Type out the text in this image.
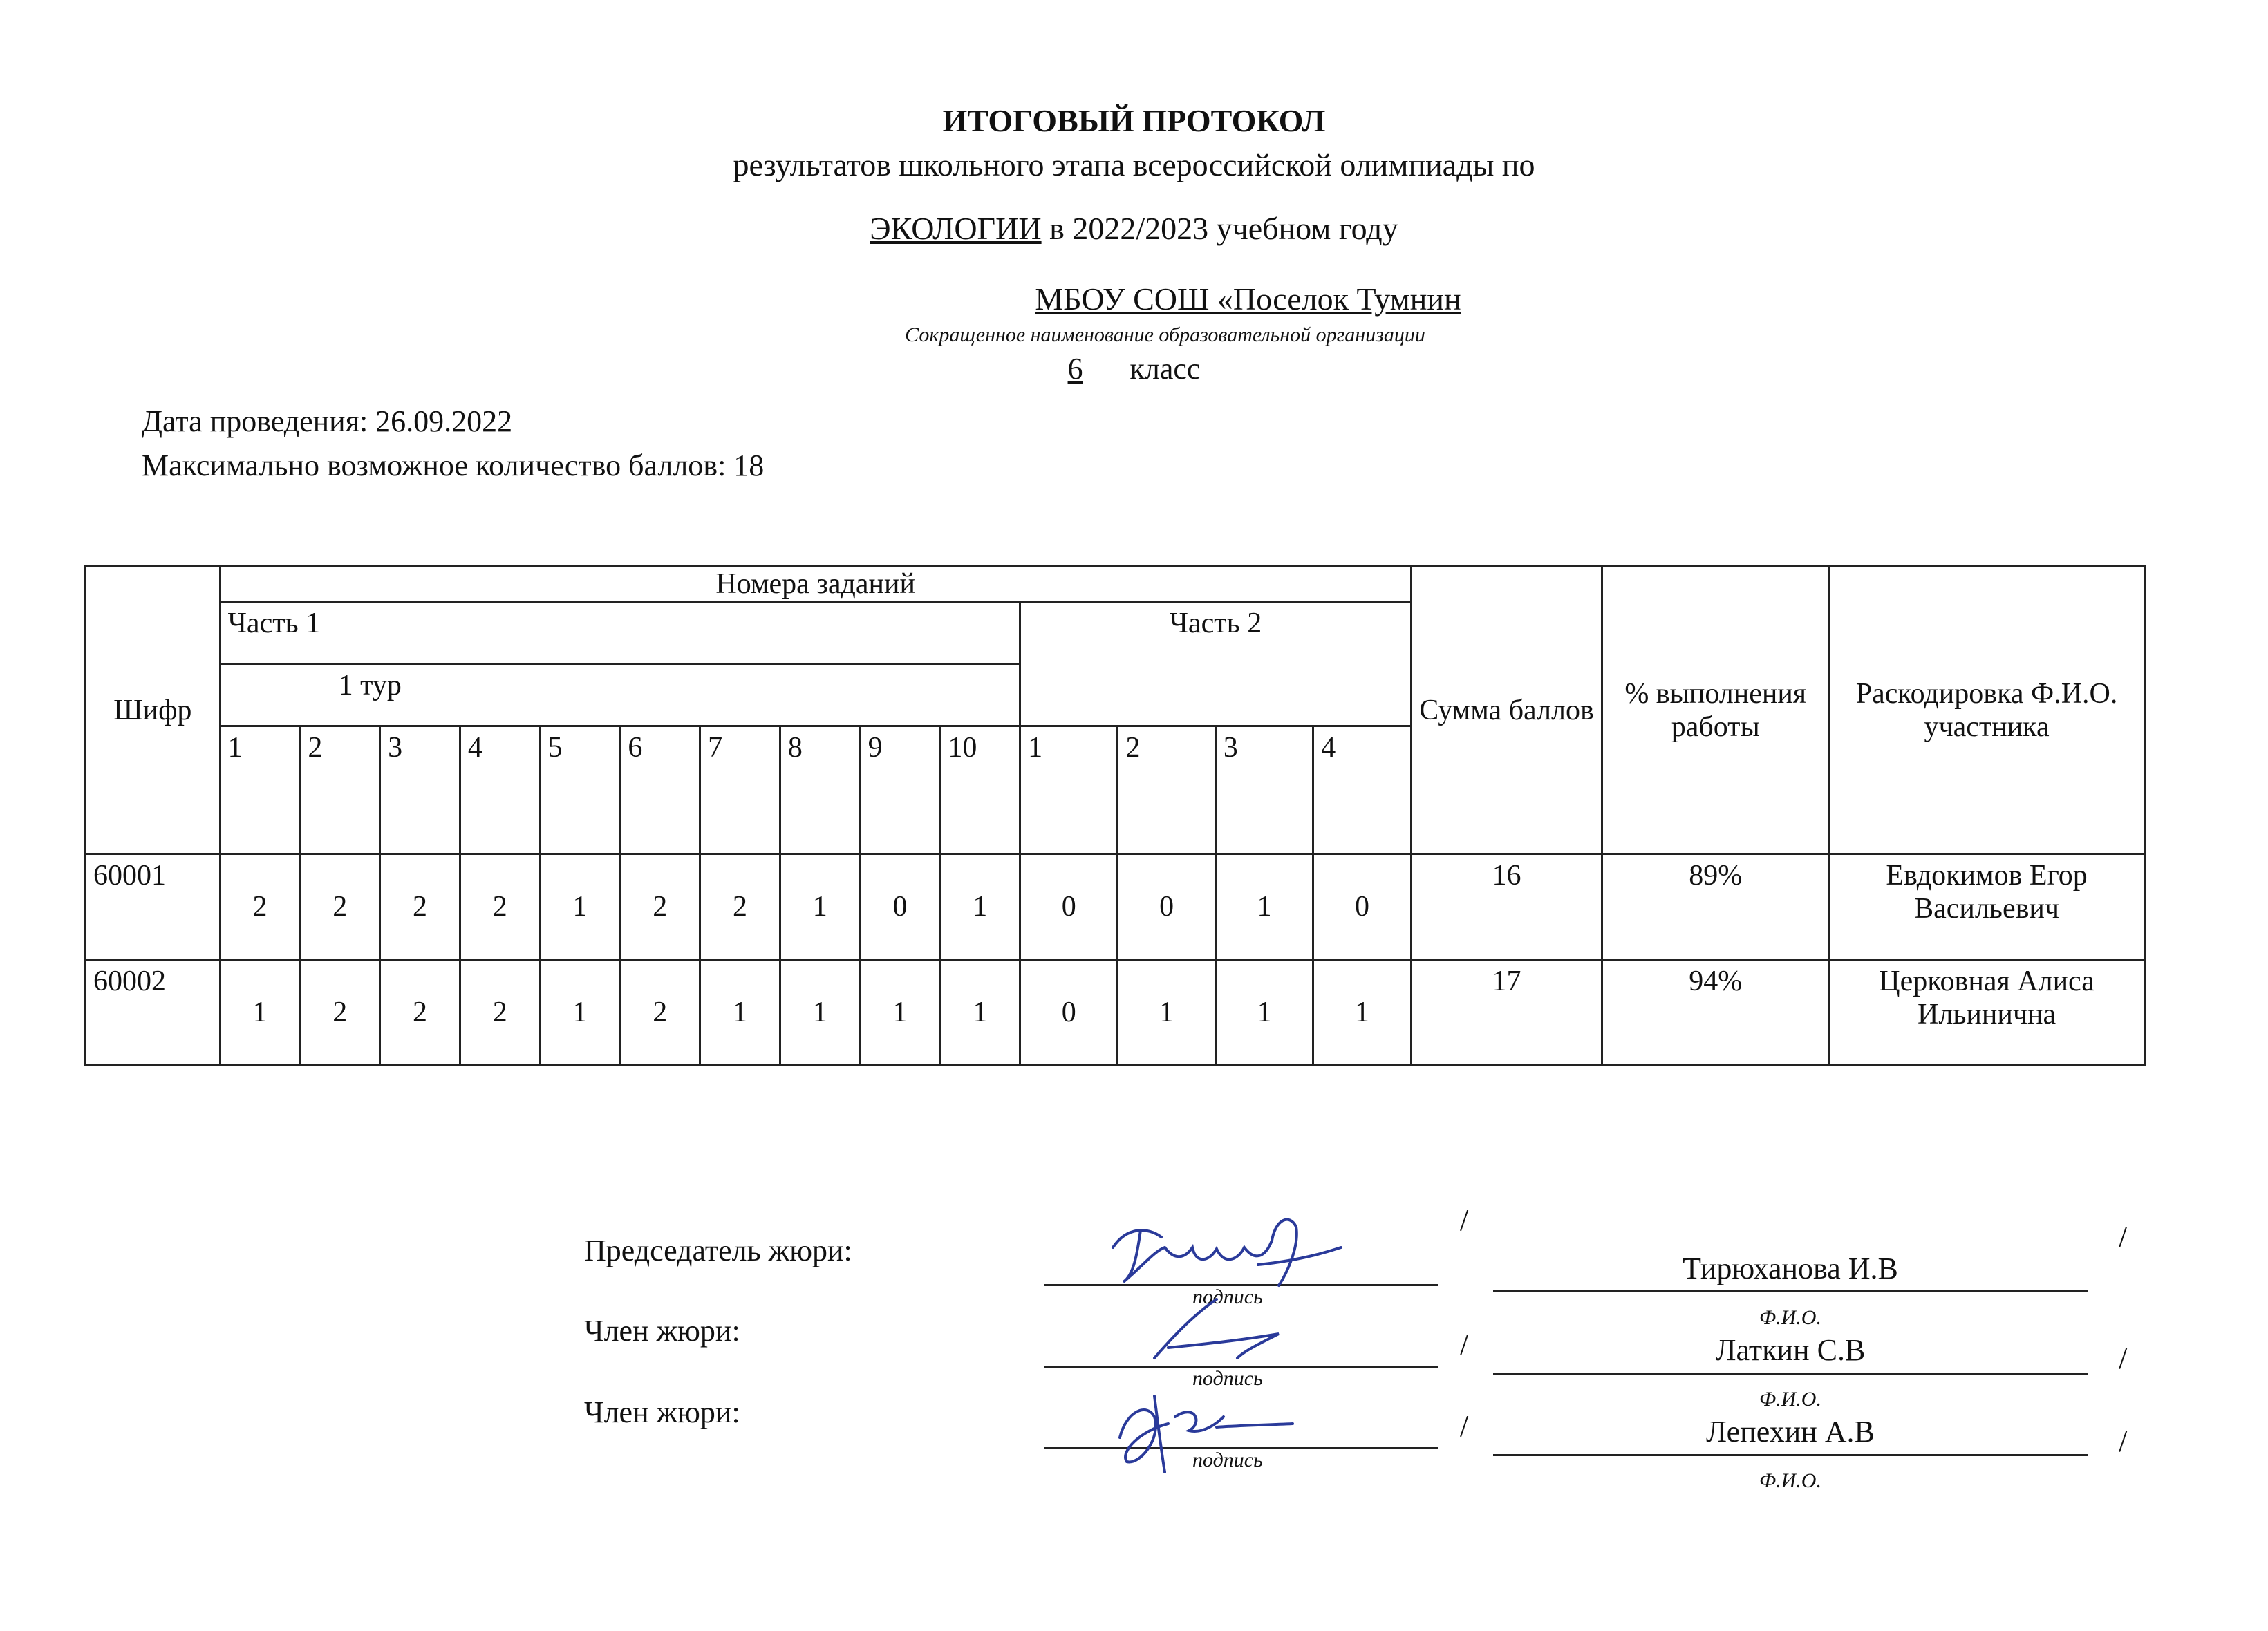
ИТОГОВЫЙ ПРОТОКОЛ
результатов школьного этапа всероссийской олимпиады по
ЭКОЛОГИИ в 2022/2023 учебном году
МБОУ СОШ «Поселок Тумнин
Сокращенное наименование образовательной организации
6 класс
Дата проведения: 26.09.2022
Максимально возможное количество баллов: 18
Шифр	Номера заданий														Сумма баллов	% выполнения работы	Раскодировка Ф.И.О. участника
	Часть 1										Часть 2						
	1 тур																
	1	2	3	4	5	6	7	8	9	10	1	2	3	4			
60001	2	2	2	2	1	2	2	1	0	1	0	0	1	0	16	89%	Евдокимов Егор Васильевич
60002	1	2	2	2	1	2	1	1	1	1	0	1	1	1	17	94%	Церковная Алиса Ильинична
Председатель жюри:
подпись
/
Тирюханова И.В
Ф.И.О.
/
Член жюри:
подпись
/	Латкин С.В
Ф.И.О.
/
Член жюри:
подпись
/	Лепехин А.В
Ф.И.О.
/
